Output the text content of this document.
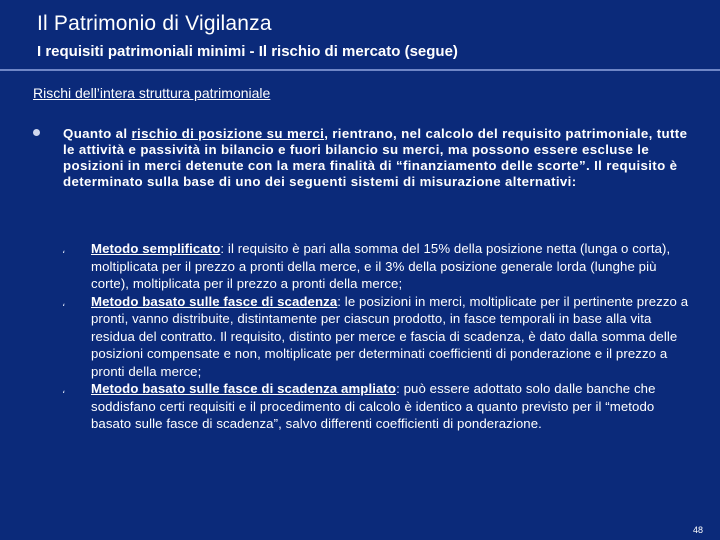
Il Patrimonio di Vigilanza
I requisiti patrimoniali minimi - Il rischio di mercato (segue)
Rischi dell’intera struttura patrimoniale
Quanto al rischio di posizione su merci, rientrano, nel calcolo del requisito patrimoniale, tutte le attività e passività in bilancio e fuori bilancio su merci, ma possono essere escluse le posizioni in merci detenute con la mera finalità di “finanziamento delle scorte”. Il requisito è determinato sulla base di uno dei seguenti sistemi di misurazione alternativi:
، Metodo semplificato: il requisito è pari alla somma del 15% della posizione netta (lunga o corta), moltiplicata per il prezzo a pronti della merce, e il 3% della posizione generale lorda (lunghe più corte), moltiplicata per il prezzo a pronti della merce;
، Metodo basato sulle fasce di scadenza: le posizioni in merci, moltiplicate per il pertinente prezzo a pronti, vanno distribuite, distintamente per ciascun prodotto, in fasce temporali in base alla vita residua del contratto. Il requisito, distinto per merce e fascia di scadenza, è dato dalla somma delle posizioni compensate e non, moltiplicate per determinati coefficienti di ponderazione e il prezzo a pronti della merce;
، Metodo basato sulle fasce di scadenza ampliato: può essere adottato solo dalle banche che soddisfano certi requisiti e il procedimento di calcolo è identico a quanto previsto per il “metodo basato sulle fasce di scadenza”, salvo differenti coefficienti di ponderazione.
48
